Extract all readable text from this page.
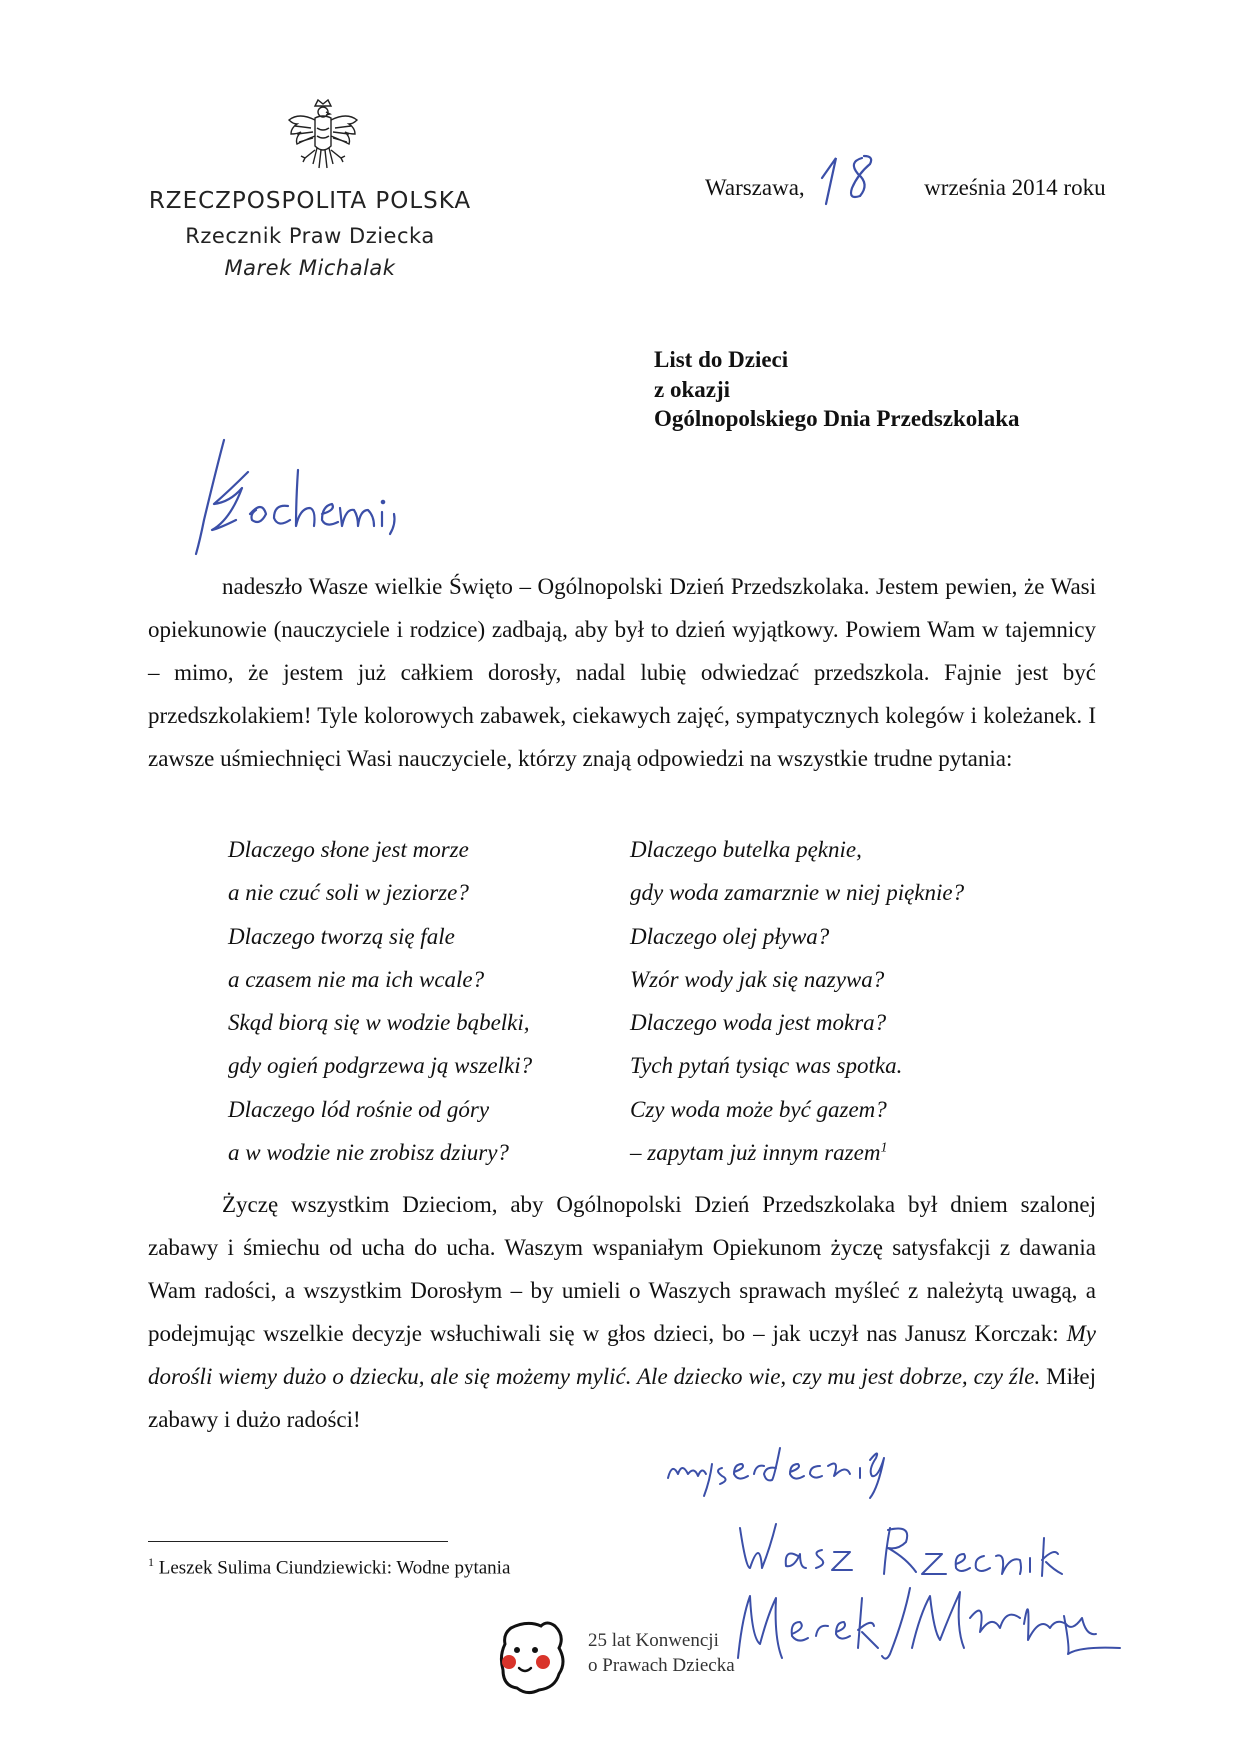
RZECZPOSPOLITA POLSKA
Rzecznik Praw Dziecka
Marek Michalak
Warszawa,	września 2014 roku
List do Dzieci
z okazji
Ogólnopolskiego Dnia Przedszkolaka
nadeszło Wasze wielkie Święto – Ogólnopolski Dzień Przedszkolaka. Jestem pewien, że Wasi opiekunowie (nauczyciele i rodzice) zadbają, aby był to dzień wyjątkowy. Powiem Wam w tajemnicy – mimo, że jestem już całkiem dorosły, nadal lubię odwiedzać przedszkola. Fajnie jest być przedszkolakiem! Tyle kolorowych zabawek, ciekawych zajęć, sympatycznych kolegów i koleżanek. I zawsze uśmiechnięci Wasi nauczyciele, którzy znają odpowiedzi na wszystkie trudne pytania:
Dlaczego słone jest morze
a nie czuć soli w jeziorze?
Dlaczego tworzą się fale
a czasem nie ma ich wcale?
Skąd biorą się w wodzie bąbelki,
gdy ogień podgrzewa ją wszelki?
Dlaczego lód rośnie od góry
a w wodzie nie zrobisz dziury?
Dlaczego butelka pęknie,
gdy woda zamarznie w niej pięknie?
Dlaczego olej pływa?
Wzór wody jak się nazywa?
Dlaczego woda jest mokra?
Tych pytań tysiąc was spotka.
Czy woda może być gazem?
– zapytam już innym razem$^1$
Życzę wszystkim Dzieciom, aby Ogólnopolski Dzień Przedszkolaka był dniem szalonej zabawy i śmiechu od ucha do ucha. Waszym wspaniałym Opiekunom życzę satysfakcji z dawania Wam radości, a wszystkim Dorosłym – by umieli o Waszych sprawach myśleć z należytą uwagą, a podejmując wszelkie decyzje wsłuchiwali się w głos dzieci, bo – jak uczył nas Janusz Korczak: My dorośli wiemy dużo o dziecku, ale się możemy mylić. Ale dziecko wie, czy mu jest dobrze, czy źle. Miłej zabawy i dużo radości!
$^1$ Leszek Sulima Ciundziewicki: Wodne pytania
25 lat Konwencji
o Prawach Dziecka
